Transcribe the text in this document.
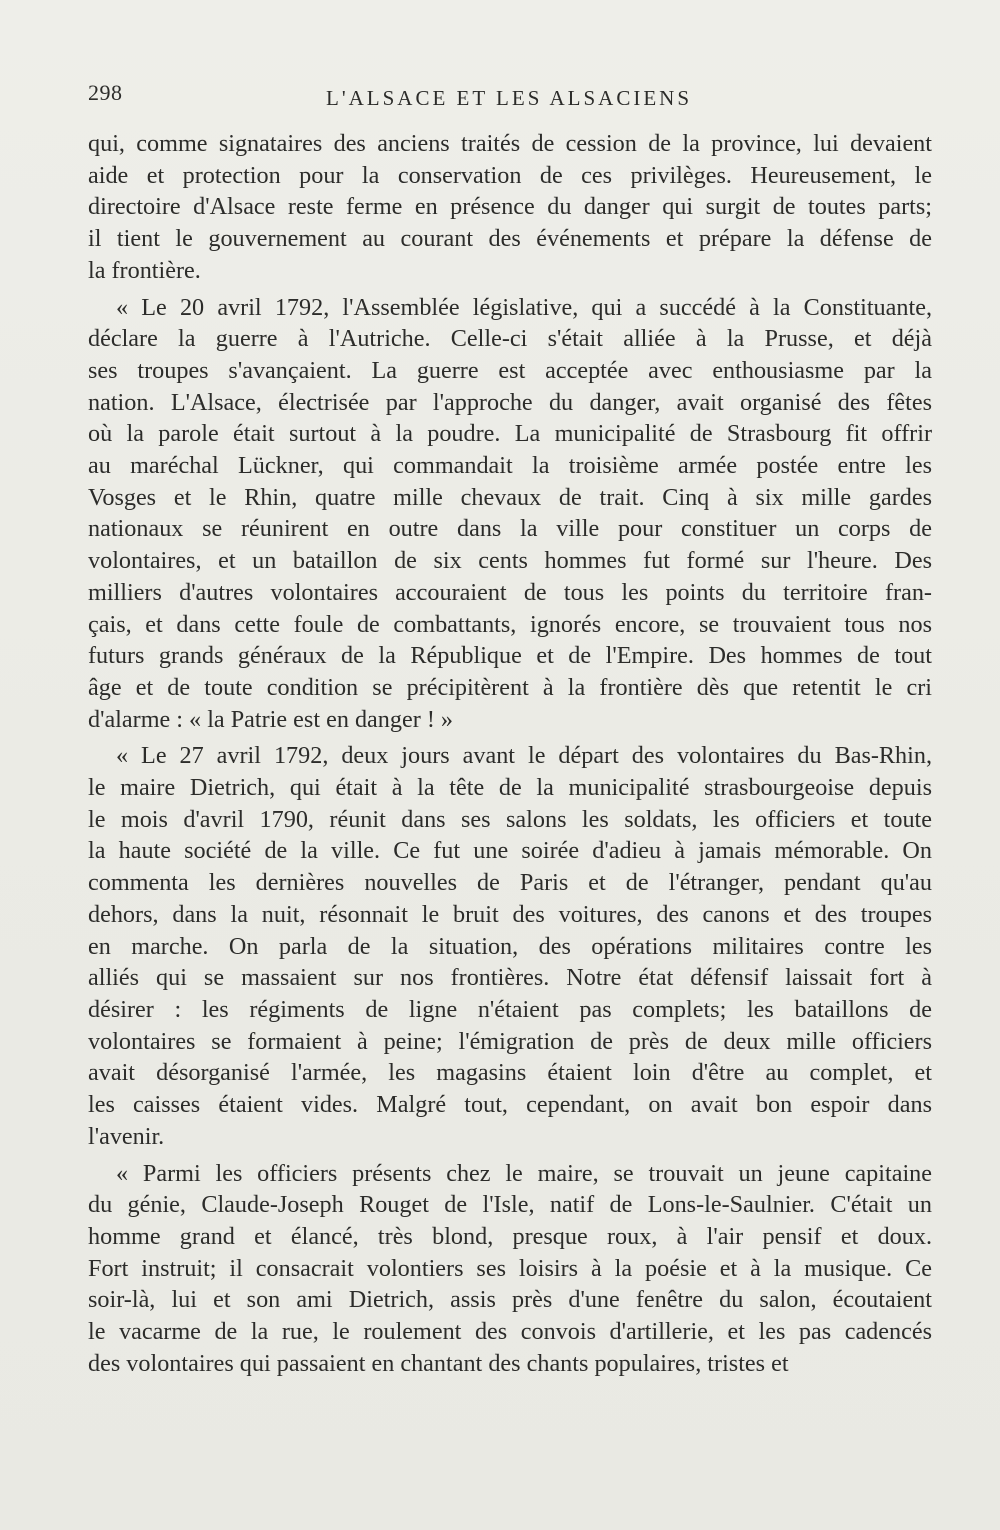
298	L'ALSACE ET LES ALSACIENS
qui, comme signataires des anciens traités de cession de la province, lui devaient
aide et protection pour la conservation de ces privilèges. Heureusement, le
directoire d'Alsace reste ferme en présence du danger qui surgit de toutes parts;
il tient le gouvernement au courant des événements et prépare la défense de
la frontière.
« Le 20 avril 1792, l'Assemblée législative, qui a succédé à la Constituante,
déclare la guerre à l'Autriche. Celle-ci s'était alliée à la Prusse, et déjà
ses troupes s'avançaient. La guerre est acceptée avec enthousiasme par la
nation. L'Alsace, électrisée par l'approche du danger, avait organisé des fêtes
où la parole était surtout à la poudre. La municipalité de Strasbourg fit offrir
au maréchal Lückner, qui commandait la troisième armée postée entre les
Vosges et le Rhin, quatre mille chevaux de trait. Cinq à six mille gardes
nationaux se réunirent en outre dans la ville pour constituer un corps de
volontaires, et un bataillon de six cents hommes fut formé sur l'heure. Des
milliers d'autres volontaires accouraient de tous les points du territoire fran-
çais, et dans cette foule de combattants, ignorés encore, se trouvaient tous nos
futurs grands généraux de la République et de l'Empire. Des hommes de tout
âge et de toute condition se précipitèrent à la frontière dès que retentit le cri
d'alarme : « la Patrie est en danger ! »
« Le 27 avril 1792, deux jours avant le départ des volontaires du Bas-Rhin,
le maire Dietrich, qui était à la tête de la municipalité strasbourgeoise depuis
le mois d'avril 1790, réunit dans ses salons les soldats, les officiers et toute
la haute société de la ville. Ce fut une soirée d'adieu à jamais mémorable. On
commenta les dernières nouvelles de Paris et de l'étranger, pendant qu'au
dehors, dans la nuit, résonnait le bruit des voitures, des canons et des troupes
en marche. On parla de la situation, des opérations militaires contre les
alliés qui se massaient sur nos frontières. Notre état défensif laissait fort à
désirer : les régiments de ligne n'étaient pas complets; les bataillons de
volontaires se formaient à peine; l'émigration de près de deux mille officiers
avait désorganisé l'armée, les magasins étaient loin d'être au complet, et
les caisses étaient vides. Malgré tout, cependant, on avait bon espoir dans
l'avenir.
« Parmi les officiers présents chez le maire, se trouvait un jeune capitaine
du génie, Claude-Joseph Rouget de l'Isle, natif de Lons-le-Saulnier. C'était un
homme grand et élancé, très blond, presque roux, à l'air pensif et doux.
Fort instruit; il consacrait volontiers ses loisirs à la poésie et à la musique. Ce
soir-là, lui et son ami Dietrich, assis près d'une fenêtre du salon, écoutaient
le vacarme de la rue, le roulement des convois d'artillerie, et les pas cadencés
des volontaires qui passaient en chantant des chants populaires, tristes et
